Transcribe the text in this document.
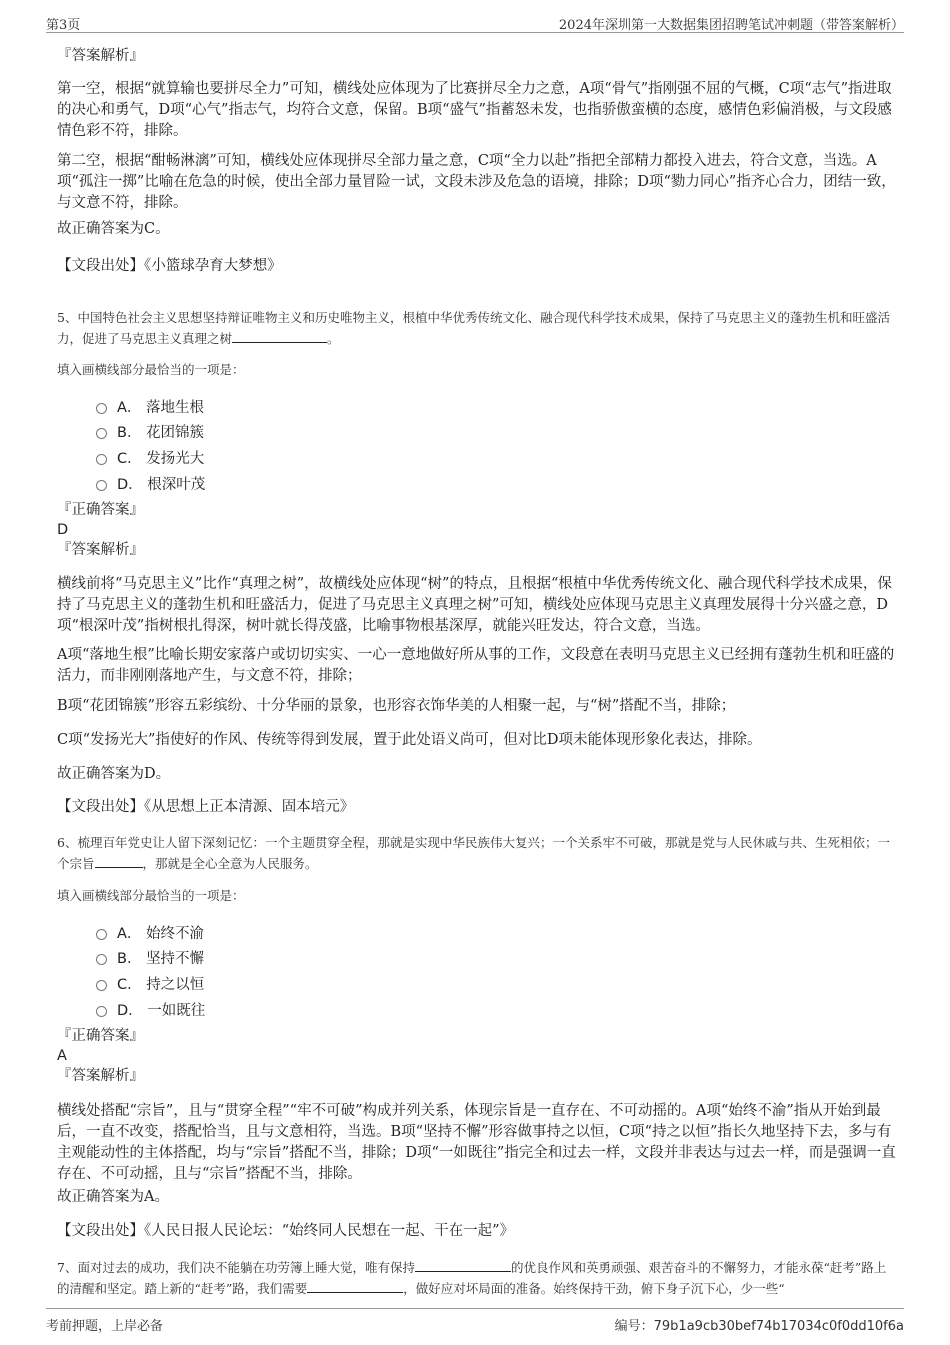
第3页	2024年深圳第一大数据集团招聘笔试冲刺题（带答案解析）
『答案解析』
第一空，根据“就算输也要拼尽全力”可知，横线处应体现为了比赛拼尽全力之意，A项“骨气”指刚强不屈的气概，C项“志气”指进取的决心和勇气，D项“心气”指志气，均符合文意，保留。B项“盛气”指蓄怒未发，也指骄傲蛮横的态度，感情色彩偏消极，与文段感情色彩不符，排除。
第二空，根据“酣畅淋漓”可知，横线处应体现拼尽全部力量之意，C项“全力以赴”指把全部精力都投入进去，符合文意，当选。A项“孤注一掷”比喻在危急的时候，使出全部力量冒险一试，文段未涉及危急的语境，排除；D项“勠力同心”指齐心合力，团结一致，与文意不符，排除。
故正确答案为C。
【文段出处】《小篮球孕育大梦想》
5、中国特色社会主义思想坚持辩证唯物主义和历史唯物主义，根植中华优秀传统文化、融合现代科学技术成果，保持了马克思主义的蓬勃生机和旺盛活力，促进了马克思主义真理之树	。
填入画横线部分最恰当的一项是：
A．
落地生根
B．
花团锦簇
C．
发扬光大
D．
根深叶茂
『正确答案』
D
『答案解析』
横线前将“马克思主义”比作“真理之树”，故横线处应体现“树”的特点，且根据“根植中华优秀传统文化、融合现代科学技术成果，保持了马克思主义的蓬勃生机和旺盛活力，促进了马克思主义真理之树”可知，横线处应体现马克思主义真理发展得十分兴盛之意，D项“根深叶茂”指树根扎得深，树叶就长得茂盛，比喻事物根基深厚，就能兴旺发达，符合文意，当选。
A项“落地生根”比喻长期安家落户或切切实实、一心一意地做好所从事的工作，文段意在表明马克思主义已经拥有蓬勃生机和旺盛的活力，而非刚刚落地产生，与文意不符，排除；
B项“花团锦簇”形容五彩缤纷、十分华丽的景象，也形容衣饰华美的人相聚一起，与“树”搭配不当，排除；
C项“发扬光大”指使好的作风、传统等得到发展，置于此处语义尚可，但对比D项未能体现形象化表达，排除。
故正确答案为D。
【文段出处】《从思想上正本清源、固本培元》
6、梳理百年党史让人留下深刻记忆：一个主题贯穿全程，那就是实现中华民族伟大复兴；一个关系牢不可破，那就是党与人民休戚与共、生死相依；一个宗旨	，那就是全心全意为人民服务。
填入画横线部分最恰当的一项是：
A．
始终不渝
B．
坚持不懈
C．
持之以恒
D．
一如既往
『正确答案』
A
『答案解析』
横线处搭配“宗旨”，且与“贯穿全程”“牢不可破”构成并列关系，体现宗旨是一直存在、不可动摇的。A项“始终不渝”指从开始到最后，一直不改变，搭配恰当，且与文意相符，当选。B项“坚持不懈”形容做事持之以恒，C项“持之以恒”指长久地坚持下去，多与有主观能动性的主体搭配，均与“宗旨”搭配不当，排除；D项“一如既往”指完全和过去一样，文段并非表达与过去一样，而是强调一直存在、不可动摇，且与“宗旨”搭配不当，排除。
故正确答案为A。
【文段出处】《人民日报人民论坛：“始终同人民想在一起、干在一起”》
7、面对过去的成功，我们决不能躺在功劳簿上睡大觉，唯有保持	的优良作风和英勇顽强、艰苦奋斗的不懈努力，才能永葆“赶考”路上的清醒和坚定。踏上新的“赶考”路，我们需要	，做好应对坏局面的准备。始终保持干劲，俯下身子沉下心，少一些“
考前押题，上岸必备	编号：79b1a9cb30bef74b17034c0f0dd10f6a
